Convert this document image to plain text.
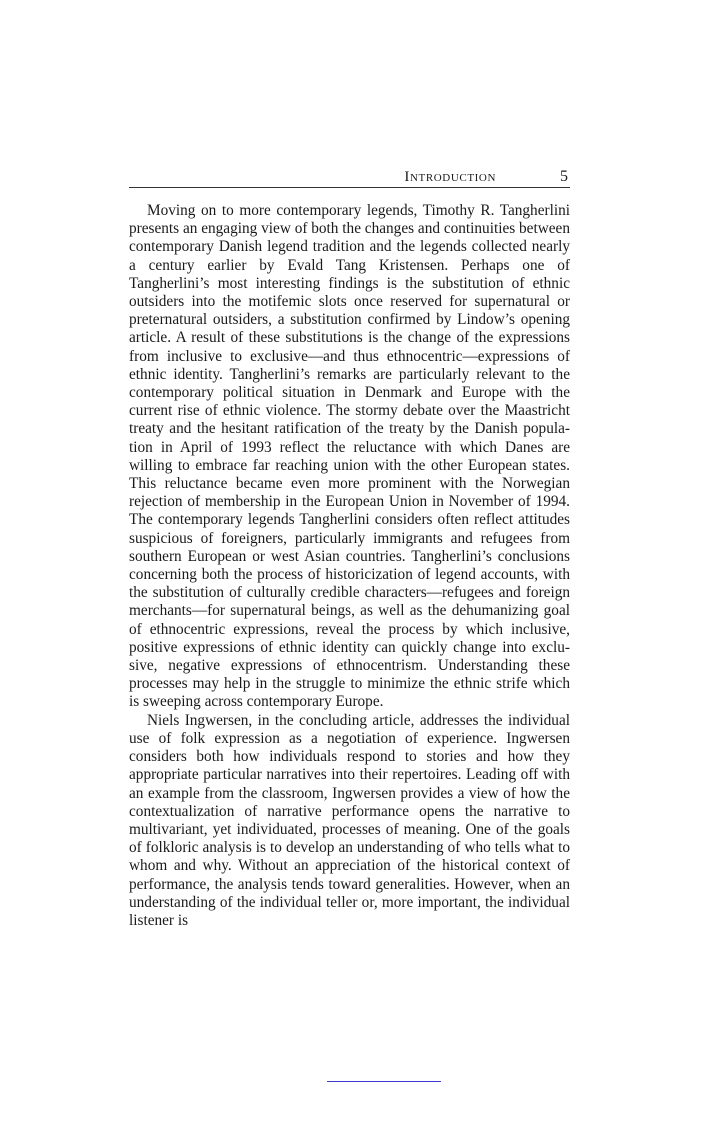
Introduction	5

Moving on to more contemporary legends, Timothy R. Tangherlini presents an engaging view of both the changes and continuities between contemporary Danish legend tradition and the legends collected nearly a century earlier by Evald Tang Kristensen. Perhaps one of Tangherlini’s most interesting findings is the substitution of ethnic outsiders into the motifemic slots once reserved for supernatural or preternatural outsiders, a substitution confirmed by Lindow’s opening article. A result of these substitutions is the change of the expressions from inclusive to exclusive—and thus ethnocentric—expressions of ethnic identity. Tangherlini’s remarks are particularly relevant to the contemporary political situation in Denmark and Europe with the current rise of ethnic violence. The stormy debate over the Maastricht treaty and the hesitant ratification of the treaty by the Danish population in April of 1993 reflect the reluctance with which Danes are willing to embrace far reaching union with the other European states. This reluctance became even more prominent with the Norwegian rejection of membership in the European Union in November of 1994. The contemporary legends Tangherlini considers often reflect attitudes suspicious of foreigners, particularly immigrants and refugees from southern European or west Asian countries. Tangherlini’s conclusions concerning both the process of historicization of legend accounts, with the substitution of culturally credible characters—refugees and foreign merchants—for supernatural beings, as well as the dehumanizing goal of ethnocentric expressions, reveal the process by which inclusive, positive expressions of ethnic identity can quickly change into exclusive, negative expressions of ethnocentrism. Understanding these processes may help in the struggle to minimize the ethnic strife which is sweeping across contemporary Europe.

Niels Ingwersen, in the concluding article, addresses the individual use of folk expression as a negotiation of experience. Ingwersen considers both how individuals respond to stories and how they appropriate particular narratives into their repertoires. Leading off with an example from the classroom, Ingwersen provides a view of how the contextualization of narrative performance opens the narrative to multivariant, yet individuated, processes of meaning. One of the goals of folkloric analysis is to develop an understanding of who tells what to whom and why. Without an appreciation of the historical context of performance, the analysis tends toward generalities. However, when an understanding of the individual teller or, more important, the individual listener is
